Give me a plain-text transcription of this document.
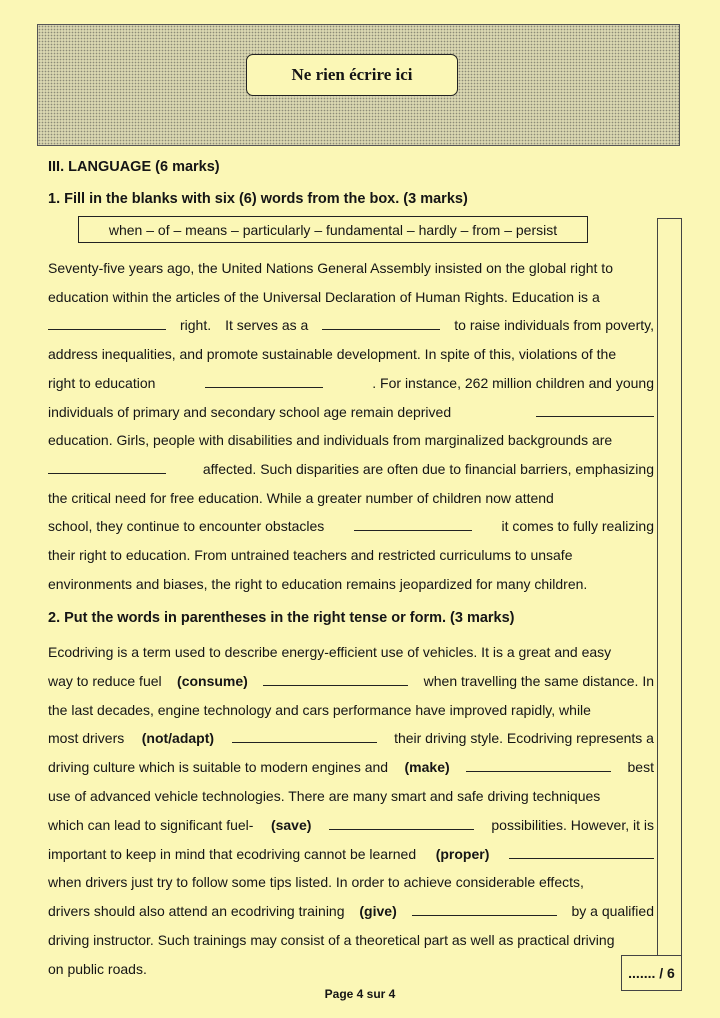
Ne rien écrire ici
III. LANGUAGE (6 marks)
1. Fill in the blanks with six (6) words from the box. (3 marks)
when – of – means – particularly – fundamental – hardly – from – persist
Seventy-five years ago, the United Nations General Assembly insisted on the global right to
education within the articles of the Universal Declaration of Human Rights. Education is a
right. It serves as a	to raise individuals from poverty,
address inequalities, and promote sustainable development. In spite of this, violations of the
right to education	. For instance, 262 million children and young
individuals of primary and secondary school age remain deprived
education. Girls, people with disabilities and individuals from marginalized backgrounds are
affected. Such disparities are often due to financial barriers, emphasizing
the critical need for free education. While a greater number of children now attend
school, they continue to encounter obstacles	it comes to fully realizing
their right to education. From untrained teachers and restricted curriculums to unsafe
environments and biases, the right to education remains jeopardized for many children.
2. Put the words in parentheses in the right tense or form. (3 marks)
Ecodriving is a term used to describe energy-efficient use of vehicles. It is a great and easy
way to reduce fuel (consume)	when travelling the same distance. In
the last decades, engine technology and cars performance have improved rapidly, while
most drivers (not/adapt)	their driving style. Ecodriving represents a
driving culture which is suitable to modern engines and (make)	best
use of advanced vehicle technologies. There are many smart and safe driving techniques
which can lead to significant fuel- (save)	possibilities. However, it is
important to keep in mind that ecodriving cannot be learned (proper)
when drivers just try to follow some tips listed. In order to achieve considerable effects,
drivers should also attend an ecodriving training (give)	by a qualified
driving instructor. Such trainings may consist of a theoretical part as well as practical driving
on public roads.	....... / 6
Page 4 sur 4
